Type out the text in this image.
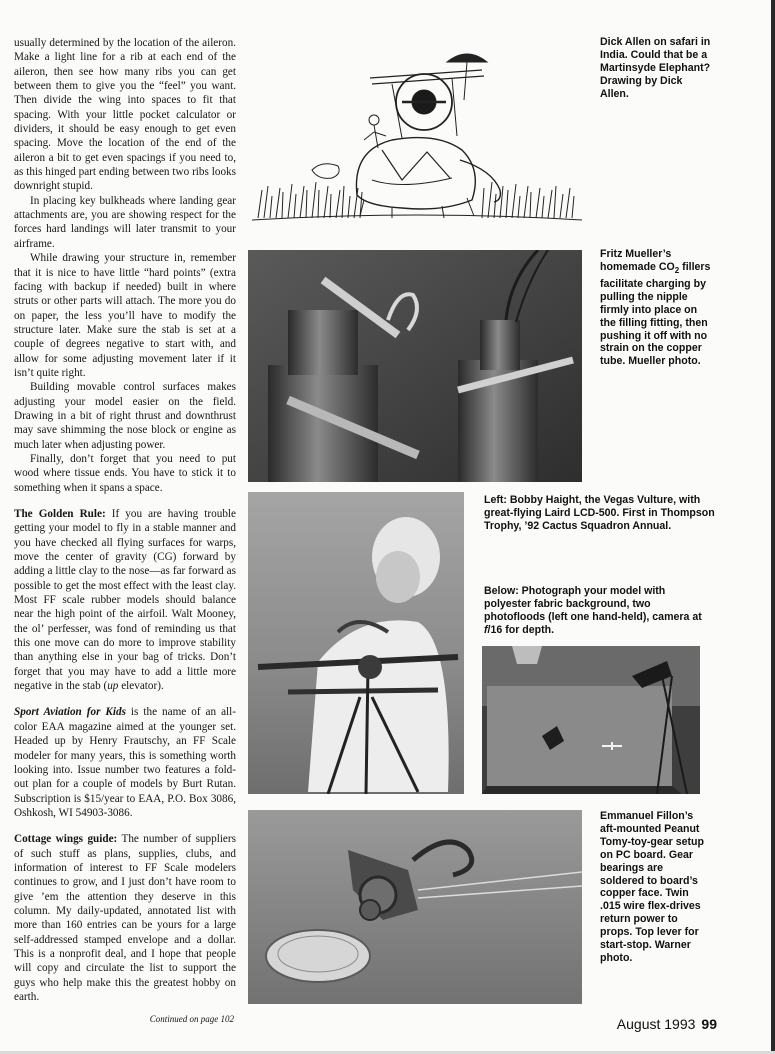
usually determined by the location of the aileron. Make a light line for a rib at each end of the aileron, then see how many ribs you can get between them to give you the “feel” you want. Then divide the wing into spaces to fit that spacing. With your little pocket calculator or dividers, it should be easy enough to get even spacing. Move the location of the end of the aileron a bit to get even spacings if you need to, as this hinged part ending between two ribs looks downright stupid.

In placing key bulkheads where landing gear attachments are, you are showing respect for the forces hard landings will later transmit to your airframe.

While drawing your structure in, remember that it is nice to have little “hard points” (extra facing with backup if needed) built in where struts or other parts will attach. The more you do on paper, the less you’ll have to modify the structure later. Make sure the stab is set at a couple of degrees negative to start with, and allow for some adjusting movement later if it isn’t quite right.

Building movable control surfaces makes adjusting your model easier on the field. Drawing in a bit of right thrust and downthrust may save shimming the nose block or engine as much later when adjusting power.

Finally, don’t forget that you need to put wood where tissue ends. You have to stick it to something when it spans a space.

The Golden Rule: If you are having trouble getting your model to fly in a stable manner and you have checked all flying surfaces for warps, move the center of gravity (CG) forward by adding a little clay to the nose—as far forward as possible to get the most effect with the least clay. Most FF scale rubber models should balance near the high point of the airfoil. Walt Mooney, the ol’ perfesser, was fond of reminding us that this one move can do more to improve stability than anything else in your bag of tricks. Don’t forget that you may have to add a little more negative in the stab (up elevator).

Sport Aviation for Kids is the name of an all-color EAA magazine aimed at the younger set. Headed up by Henry Frautschy, an FF Scale modeler for many years, this is something worth looking into. Issue number two features a fold-out plan for a couple of models by Burt Rutan. Subscription is $15/year to EAA, P.O. Box 3086, Oshkosh, WI 54903-3086.

Cottage wings guide: The number of suppliers of such stuff as plans, supplies, clubs, and information of interest to FF Scale modelers continues to grow, and I just don’t have room to give ’em the attention they deserve in this column. My daily-updated, annotated list with more than 160 entries can be yours for a large self-addressed stamped envelope and a dollar. This is a nonprofit deal, and I hope that people will copy and circulate the list to support the guys who help make this the greatest hobby on earth.

Continued on page 102

Dick Allen on safari in India. Could that be a Martinsyde Elephant? Drawing by Dick Allen.
Fritz Mueller’s homemade $CO_2$ fillers facilitate charging by pulling the nipple firmly into place on the filling fitting, then pushing it off with no strain on the copper tube. Mueller photo.
Left: Bobby Haight, the Vegas Vulture, with great-flying Laird LCD-500. First in Thompson Trophy, ’92 Cactus Squadron Annual.
Below: Photograph your model with polyester fabric background, two photofloods (left one hand-held), camera at f/16 for depth.
Emmanuel Fillon’s aft-mounted Peanut Tomy-toy-gear setup on PC board. Gear bearings are soldered to board’s copper face. Twin .015 wire flex-drives return power to props. Top lever for start-stop. Warner photo.
August 1993 99
